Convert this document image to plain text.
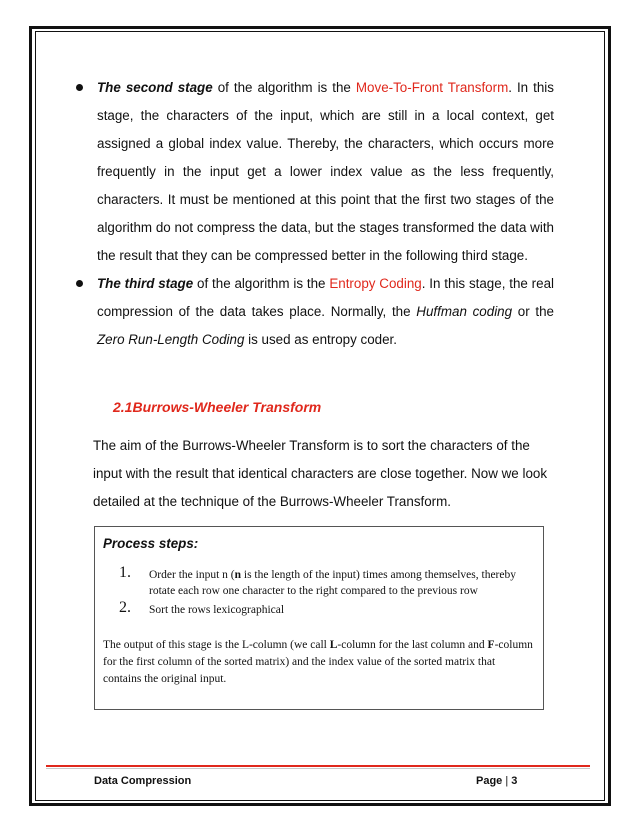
The second stage of the algorithm is the Move-To-Front Transform. In this stage, the characters of the input, which are still in a local context, get assigned a global index value. Thereby, the characters, which occurs more frequently in the input get a lower index value as the less frequently, characters. It must be mentioned at this point that the first two stages of the algorithm do not compress the data, but the stages transformed the data with the result that they can be compressed better in the following third stage.
The third stage of the algorithm is the Entropy Coding. In this stage, the real compression of the data takes place. Normally, the Huffman coding or the Zero Run-Length Coding is used as entropy coder.
2.1Burrows-Wheeler Transform

The aim of the Burrows-Wheeler Transform is to sort the characters of the input with the result that identical characters are close together. Now we look detailed at the technique of the Burrows-Wheeler Transform.

Process steps:
1. Order the input n (n is the length of the input) times among themselves, thereby rotate each row one character to the right compared to the previous row
2. Sort the rows lexicographical

The output of this stage is the L-column (we call L-column for the last column and F-column for the first column of the sorted matrix) and the index value of the sorted matrix that contains the original input.

Data Compression	Page | 3
